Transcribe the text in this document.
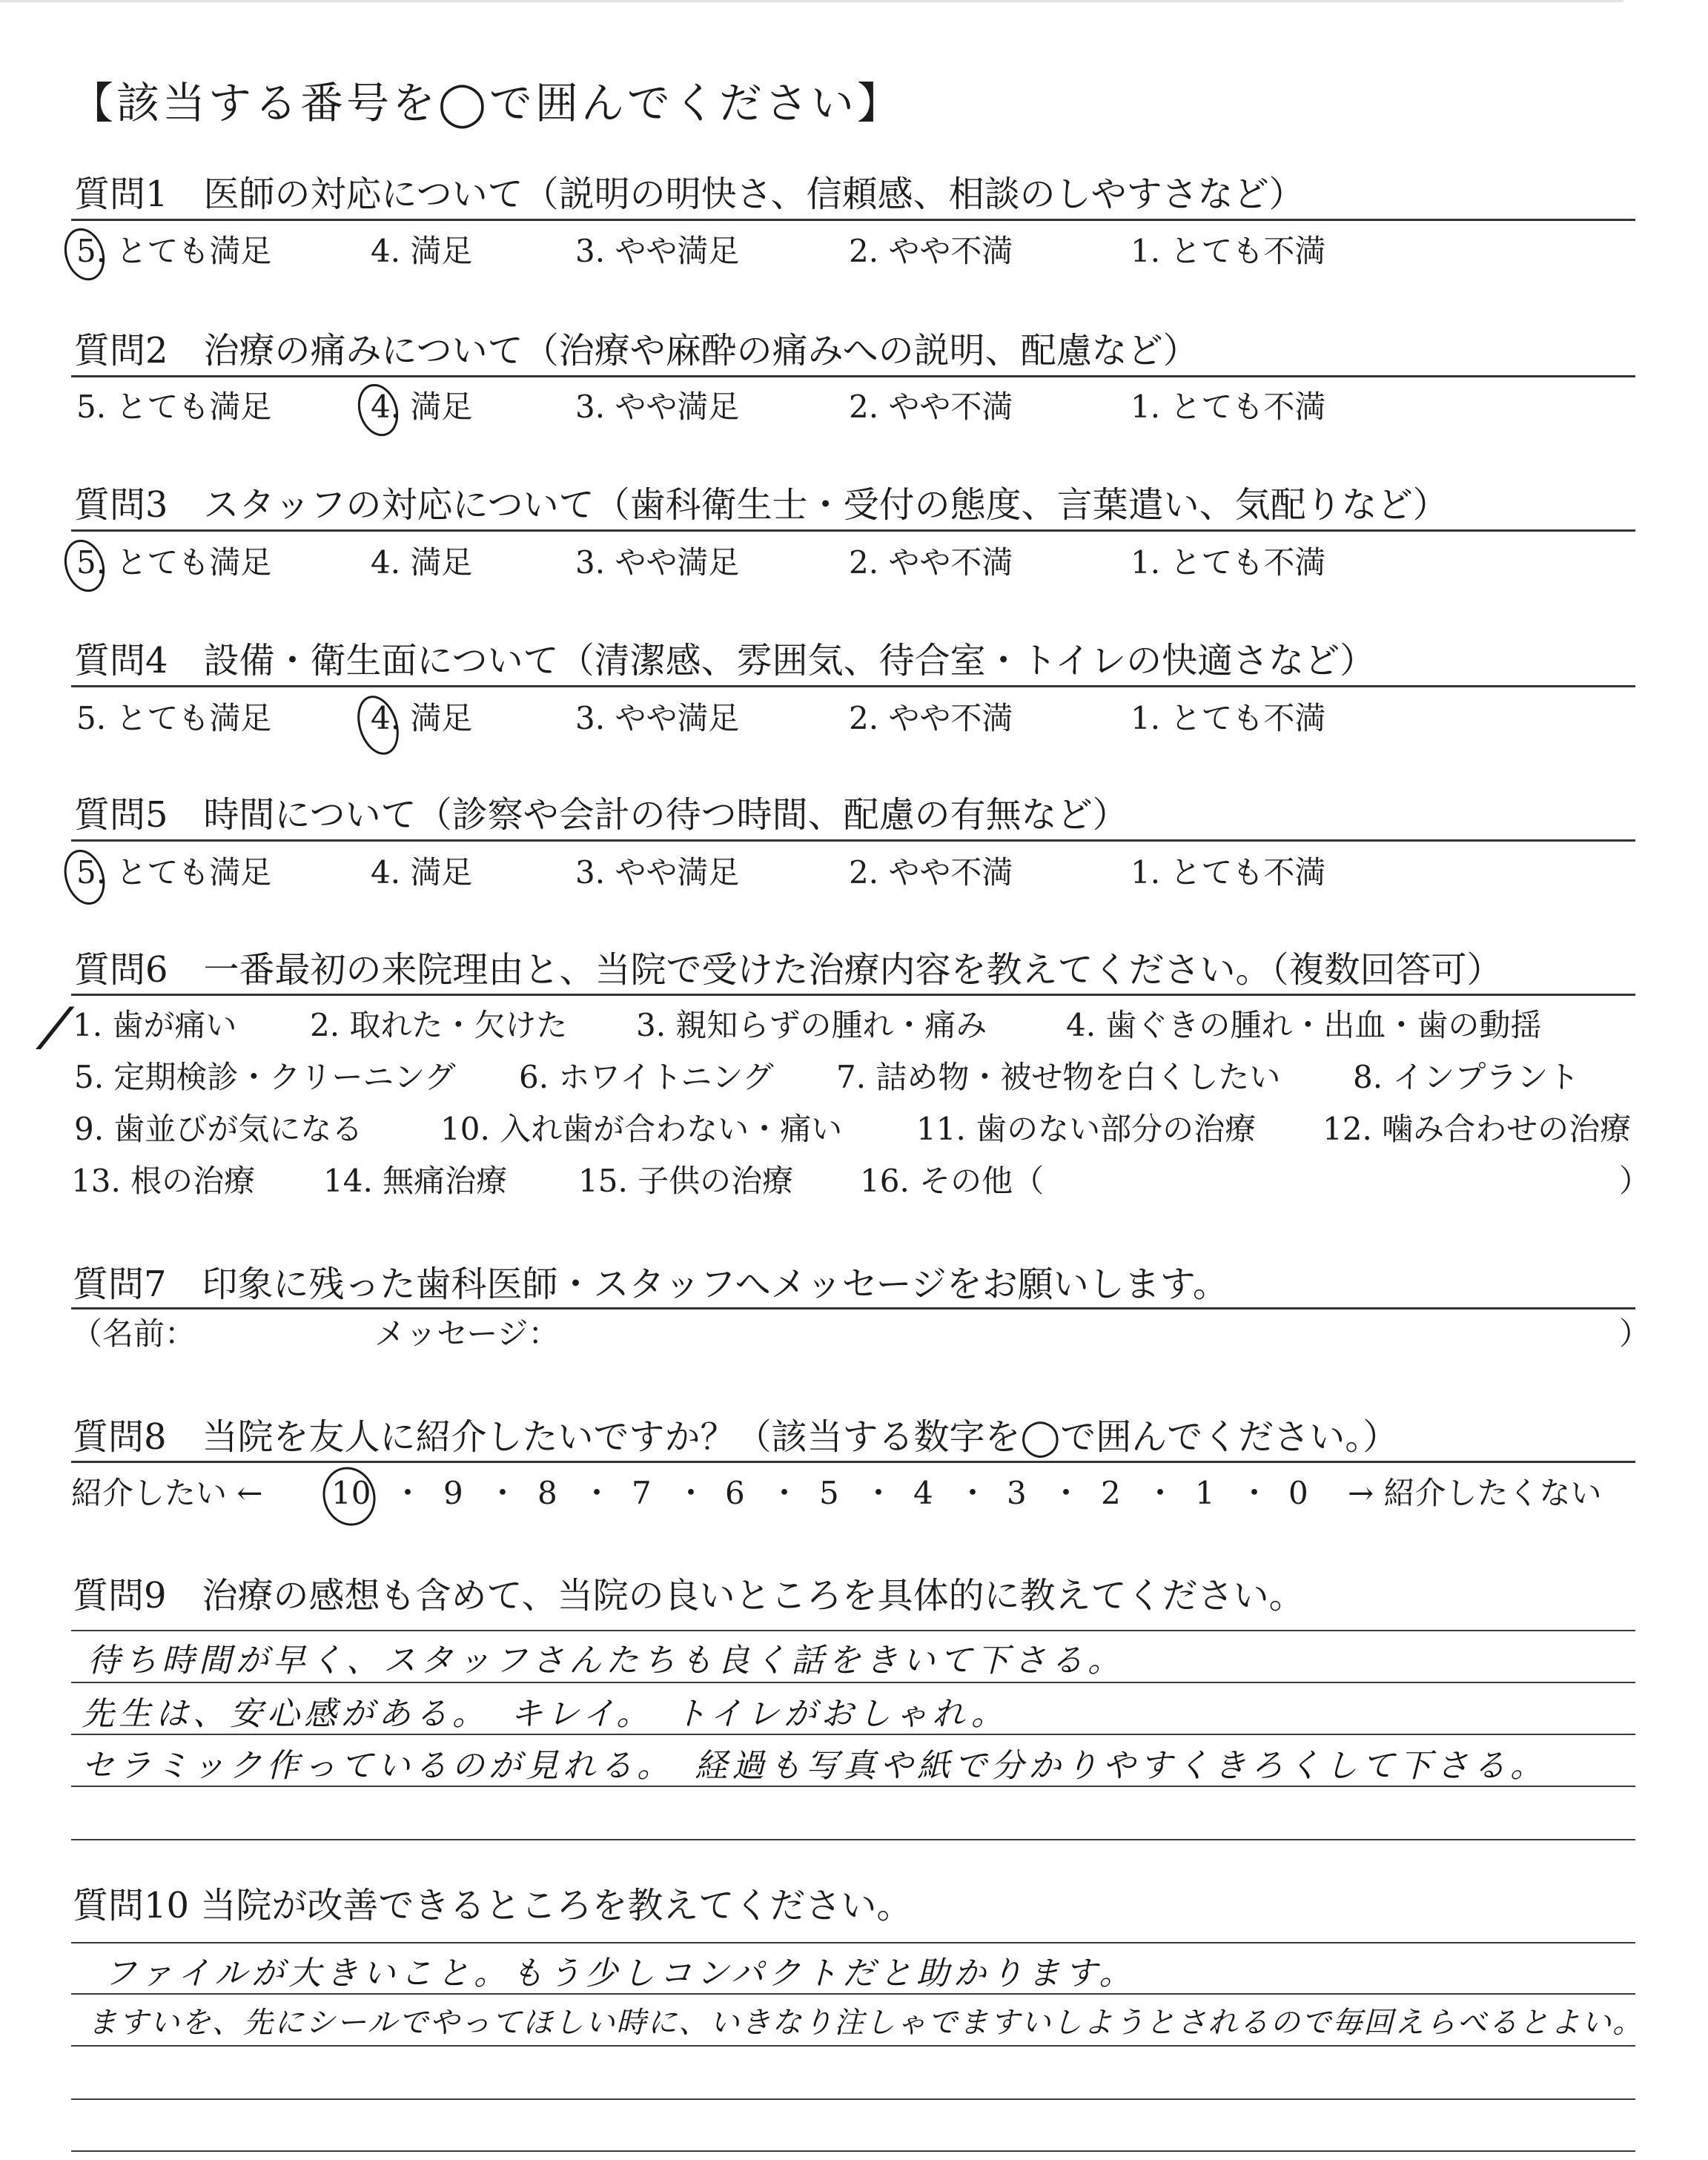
【該当する番号を◯で囲んでください】
質問1　医師の対応について（説明の明快さ、信頼感、相談のしやすさなど）
5. とても満足	4. 満足	3. やや満足	2. やや不満	1. とても不満
質問2　治療の痛みについて（治療や麻酔の痛みへの説明、配慮など）
5. とても満足	4. 満足	3. やや満足	2. やや不満	1. とても不満
質問3　スタッフの対応について（歯科衛生士・受付の態度、言葉遣い、気配りなど）
5. とても満足	4. 満足	3. やや満足	2. やや不満	1. とても不満
質問4　設備・衛生面について（清潔感、雰囲気、待合室・トイレの快適さなど）
5. とても満足	4. 満足	3. やや満足	2. やや不満	1. とても不満
質問5　時間について（診察や会計の待つ時間、配慮の有無など）
5. とても満足	4. 満足	3. やや満足	2. やや不満	1. とても不満
質問6　一番最初の来院理由と、当院で受けた治療内容を教えてください。（複数回答可）
1. 歯が痛い 2. 取れた・欠けた 3. 親知らずの腫れ・痛み	4. 歯ぐきの腫れ・出血・歯の動揺
5. 定期検診・クリーニング 6. ホワイトニング 7. 詰め物・被せ物を白くしたい 8. インプラント
9. 歯並びが気になる 10. 入れ歯が合わない・痛い 11. 歯のない部分の治療 12. 噛み合わせの治療
13. 根の治療 14. 無痛治療 15. 子供の治療 16. その他（	）
⁄
質問7　印象に残った歯科医師・スタッフへメッセージをお願いします。
（名前：	メッセージ：	）
質問8　当院を友人に紹介したいですか？（該当する数字を◯で囲んでください。）
紹介したい ← 10 ・ 9 ・ 8 ・ 7 ・ 6 ・ 5 ・ 4 ・ 3 ・ 2 ・ 1 ・ 0 → 紹介したくない
質問9　治療の感想も含めて、当院の良いところを具体的に教えてください。
待ち時間が早く、スタッフさんたちも良く話をきいて下さる。
先生は、安心感がある。　キレイ。　トイレがおしゃれ。
セラミック作っているのが見れる。　経過も写真や紙で分かりやすくきろくして下さる。
質問10 当院が改善できるところを教えてください。
ファイルが大きいこと。もう少しコンパクトだと助かります。
ますいを、先にシールでやってほしい時に、いきなり注しゃでますいしようとされるので毎回えらべるとよい。
